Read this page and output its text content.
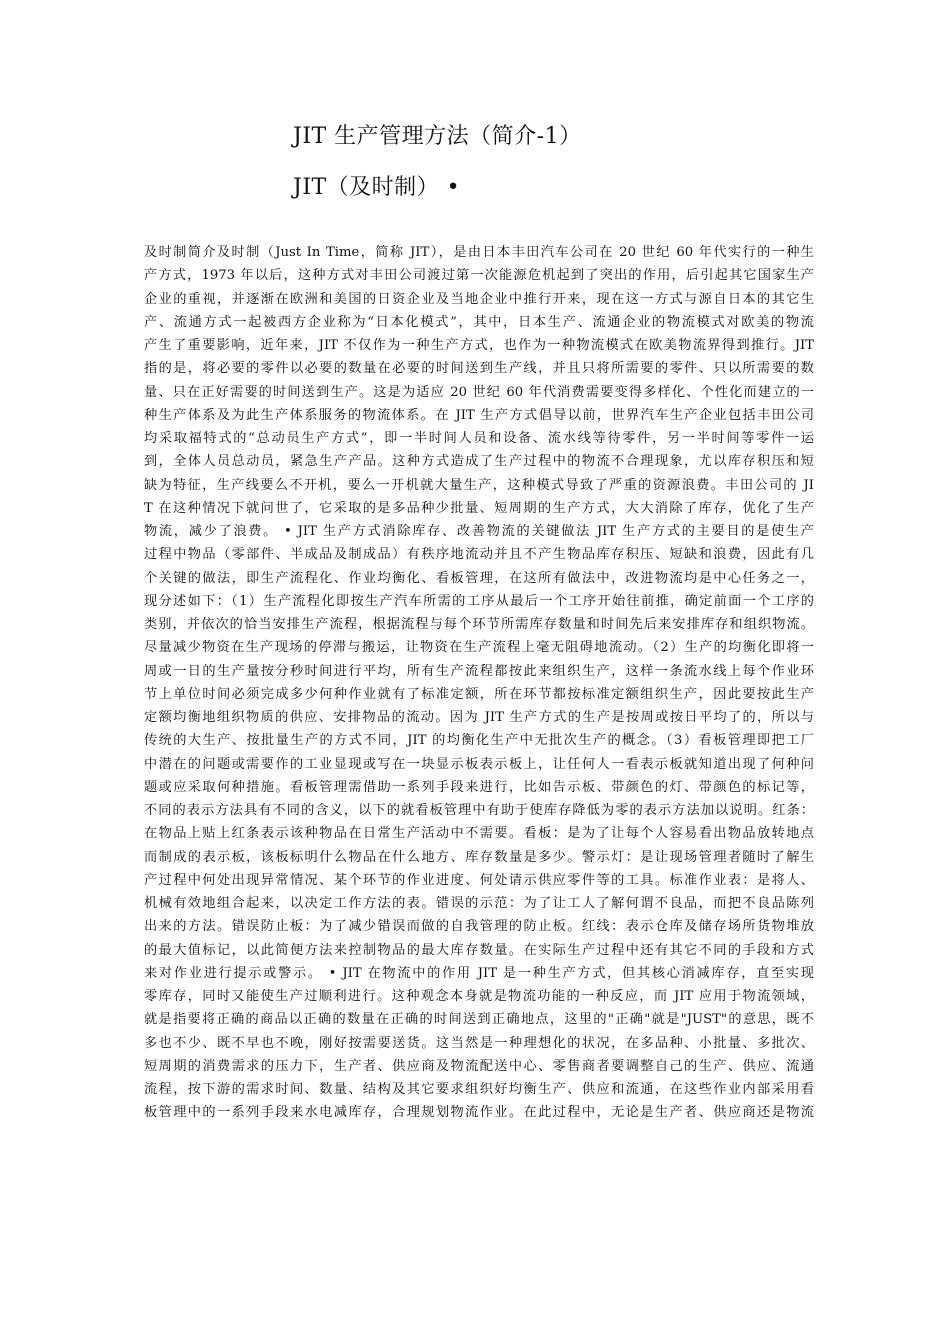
JIT 生产管理方法（简介-1）
JIT（及时制） •
及时制简介及时制（Just In Time，简称 JIT），是由日本丰田汽车公司在 20 世纪 60 年代实行的一种生
产方式，1973 年以后，这种方式对丰田公司渡过第一次能源危机起到了突出的作用，后引起其它国家生产
企业的重视，并逐渐在欧洲和美国的日资企业及当地企业中推行开来，现在这一方式与源自日本的其它生
产、流通方式一起被西方企业称为“日本化模式”，其中，日本生产、流通企业的物流模式对欧美的物流
产生了重要影响，近年来，JIT 不仅作为一种生产方式，也作为一种物流模式在欧美物流界得到推行。JIT
指的是，将必要的零件以必要的数量在必要的时间送到生产线，并且只将所需要的零件、只以所需要的数
量、只在正好需要的时间送到生产。这是为适应 20 世纪 60 年代消费需要变得多样化、个性化而建立的一
种生产体系及为此生产体系服务的物流体系。在 JIT 生产方式倡导以前，世界汽车生产企业包括丰田公司
均采取福特式的“总动员生产方式”，即一半时间人员和设备、流水线等待零件，另一半时间等零件一运
到，全体人员总动员，紧急生产产品。这种方式造成了生产过程中的物流不合理现象，尤以库存积压和短
缺为特征，生产线要么不开机，要么一开机就大量生产，这种模式导致了严重的资源浪费。丰田公司的 JI
T 在这种情况下就问世了，它采取的是多品种少批量、短周期的生产方式，大大消除了库存，优化了生产
物流，减少了浪费。 • JIT 生产方式消除库存、改善物流的关键做法 JIT 生产方式的主要目的是使生产
过程中物品（零部件、半成品及制成品）有秩序地流动并且不产生物品库存积压、短缺和浪费，因此有几
个关键的做法，即生产流程化、作业均衡化、看板管理，在这所有做法中，改进物流均是中心任务之一，
现分述如下：（1）生产流程化即按生产汽车所需的工序从最后一个工序开始往前推，确定前面一个工序的
类别，并依次的恰当安排生产流程，根据流程与每个环节所需库存数量和时间先后来安排库存和组织物流。
尽量减少物资在生产现场的停滞与搬运，让物资在生产流程上毫无阻碍地流动。（2）生产的均衡化即将一
周或一日的生产量按分秒时间进行平均，所有生产流程都按此来组织生产，这样一条流水线上每个作业环
节上单位时间必须完成多少何种作业就有了标准定额，所在环节都按标准定额组织生产，因此要按此生产
定额均衡地组织物质的供应、安排物品的流动。因为 JIT 生产方式的生产是按周或按日平均了的，所以与
传统的大生产、按批量生产的方式不同，JIT 的均衡化生产中无批次生产的概念。（3）看板管理即把工厂
中潜在的问题或需要作的工业显现或写在一块显示板表示板上，让任何人一看表示板就知道出现了何种问
题或应采取何种措施。看板管理需借助一系列手段来进行，比如告示板、带颜色的灯、带颜色的标记等，
不同的表示方法具有不同的含义，以下的就看板管理中有助于使库存降低为零的表示方法加以说明。红条：
在物品上贴上红条表示该种物品在日常生产活动中不需要。看板：是为了让每个人容易看出物品放转地点
而制成的表示板，该板标明什么物品在什么地方、库存数量是多少。警示灯：是让现场管理者随时了解生
产过程中何处出现异常情况、某个环节的作业进度、何处请示供应零件等的工具。标准作业表：是将人、
机械有效地组合起来，以决定工作方法的表。错误的示范：为了让工人了解何谓不良品，而把不良品陈列
出来的方法。错误防止板：为了减少错误而做的自我管理的防止板。红线：表示仓库及储存场所货物堆放
的最大值标记，以此简便方法来控制物品的最大库存数量。在实际生产过程中还有其它不同的手段和方式
来对作业进行提示或警示。 • JIT 在物流中的作用 JIT 是一种生产方式，但其核心消减库存，直至实现
零库存，同时又能使生产过顺利进行。这种观念本身就是物流功能的一种反应，而 JIT 应用于物流领域，
就是指要将正确的商品以正确的数量在正确的时间送到正确地点，这里的"正确"就是"JUST"的意思，既不
多也不少、既不早也不晚，刚好按需要送货。这当然是一种理想化的状况，在多品种、小批量、多批次、
短周期的消费需求的压力下，生产者、供应商及物流配送中心、零售商者要调整自己的生产、供应、流通
流程，按下游的需求时间、数量、结构及其它要求组织好均衡生产、供应和流通，在这些作业内部采用看
板管理中的一系列手段来水电减库存，合理规划物流作业。在此过程中，无论是生产者、供应商还是物流
